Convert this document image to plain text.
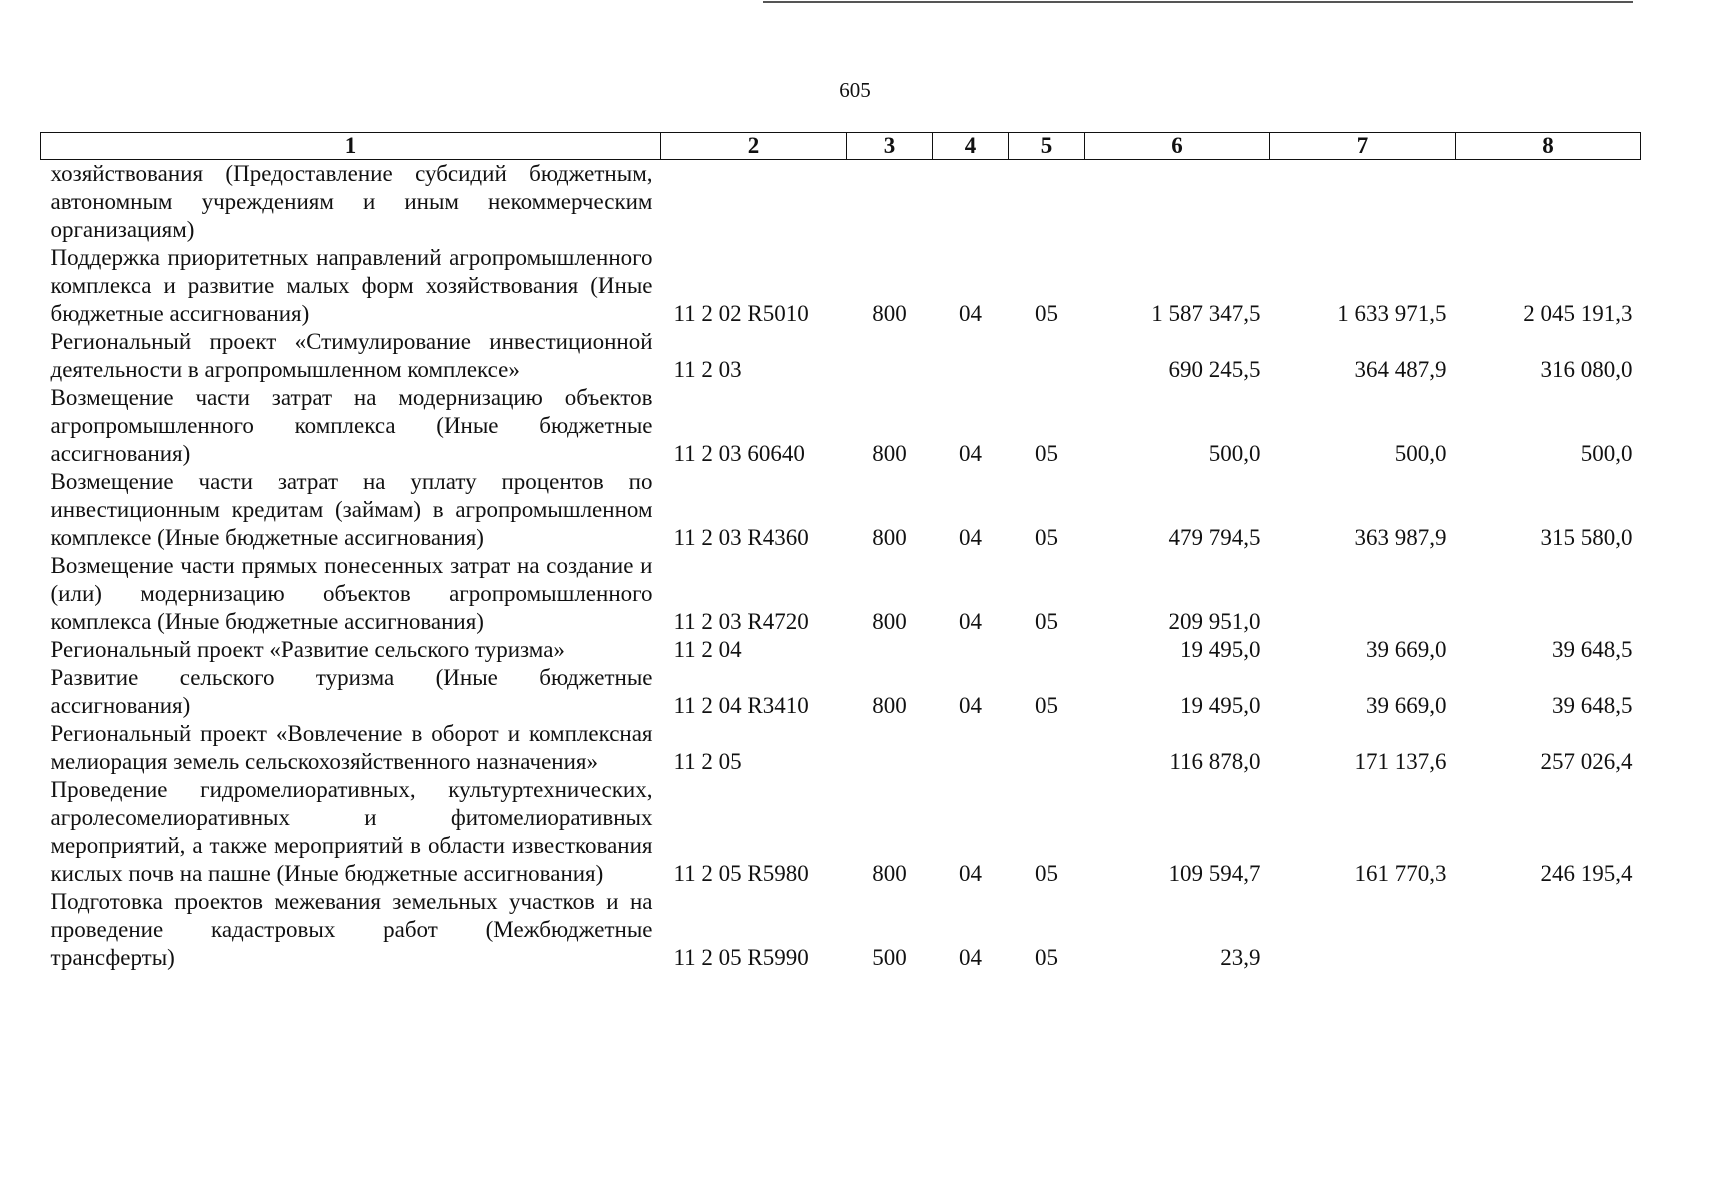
605
1	2	3	4	5	6	7	8
хозяйствования (Предоставление субсидий бюджетным, автономным учреждениям и иным некоммерческим организациям)							
Поддержка приоритетных направлений агропромышленного комплекса и развитие малых форм хозяйствования (Иные бюджетные ассигнования)	11 2 02 R5010	800	04	05	1 587 347,5	1 633 971,5	2 045 191,3
Региональный проект «Стимулирование инвестиционной деятельности в агропромышленном комплексе»	11 2 03				690 245,5	364 487,9	316 080,0
Возмещение части затрат на модернизацию объектов агропромышленного комплекса (Иные бюджетные ассигнования)	11 2 03 60640	800	04	05	500,0	500,0	500,0
Возмещение части затрат на уплату процентов по инвестиционным кредитам (займам) в агропромышленном комплексе (Иные бюджетные ассигнования)	11 2 03 R4360	800	04	05	479 794,5	363 987,9	315 580,0
Возмещение части прямых понесенных затрат на создание и (или) модернизацию объектов агропромышленного комплекса (Иные бюджетные ассигнования)	11 2 03 R4720	800	04	05	209 951,0		
Региональный проект «Развитие сельского туризма»	11 2 04				19 495,0	39 669,0	39 648,5
Развитие сельского туризма (Иные бюджетные ассигнования)	11 2 04 R3410	800	04	05	19 495,0	39 669,0	39 648,5
Региональный проект «Вовлечение в оборот и комплексная мелиорация земель сельскохозяйственного назначения»	11 2 05				116 878,0	171 137,6	257 026,4
Проведение гидромелиоративных, культуртехнических, агролесомелиоративных и фитомелиоративных мероприятий, а также мероприятий в области известкования кислых почв на пашне (Иные бюджетные ассигнования)	11 2 05 R5980	800	04	05	109 594,7	161 770,3	246 195,4
Подготовка проектов межевания земельных участков и на проведение кадастровых работ (Межбюджетные трансферты)	11 2 05 R5990	500	04	05	23,9		
